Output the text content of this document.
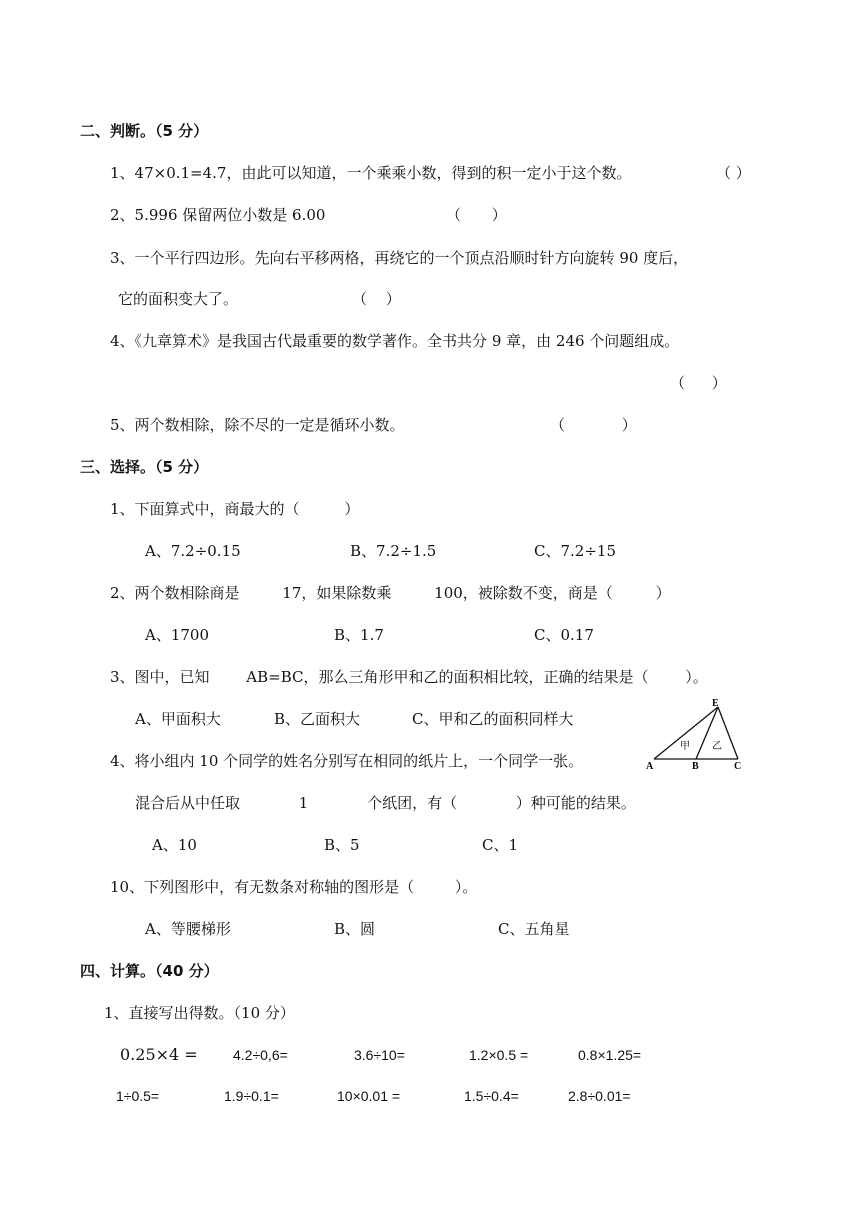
二、判断。（5 分）
1、47×0.1=4.7，由此可以知道，一个乘乘小数，得到的积一定小于这个数。	（ ）
2、5.996 保留两位小数是 6.00	（ ）
3、一个平行四边形。先向右平移两格，再绕它的一个顶点沿顺时针方向旋转 90 度后，
它的面积变大了。	（ ）
4、《九章算术》是我国古代最重要的数学著作。全书共分 9 章，由 246 个问题组成。
（ ）
5、两个数相除，除不尽的一定是循环小数。	（ ）
三、选择。（5 分）
1、下面算式中，商最大的（ ）
A、7.2÷0.15	B、7.2÷1.5	C、7.2÷15
2、两个数相除商是 17，如果除数乘 100，被除数不变，商是（ ）
A、1700	B、1.7	C、0.17
3、图中，已知 AB=BC，那么三角形甲和乙的面积相比较，正确的结果是（ ）。
A、甲面积大	B、乙面积大	C、甲和乙的面积同样大
E
A	B	C
甲 乙
4、将小组内 10 个同学的姓名分别写在相同的纸片上，一个同学一张。
混合后从中任取 1 个纸团，有（ ）种可能的结果。
A、10	B、5	C、1
10、下列图形中，有无数条对称轴的图形是（ ）。
A、等腰梯形	B、圆	C、五角星
四、计算。（40 分）
1、直接写出得数。（10 分）
0.25×4 =	4.2÷0,6=	3.6÷10=	1.2×0.5 =	0.8×1.25=
1÷0.5=	1.9÷0.1=	10×0.01 =	1.5÷0.4=	2.8÷0.01=
